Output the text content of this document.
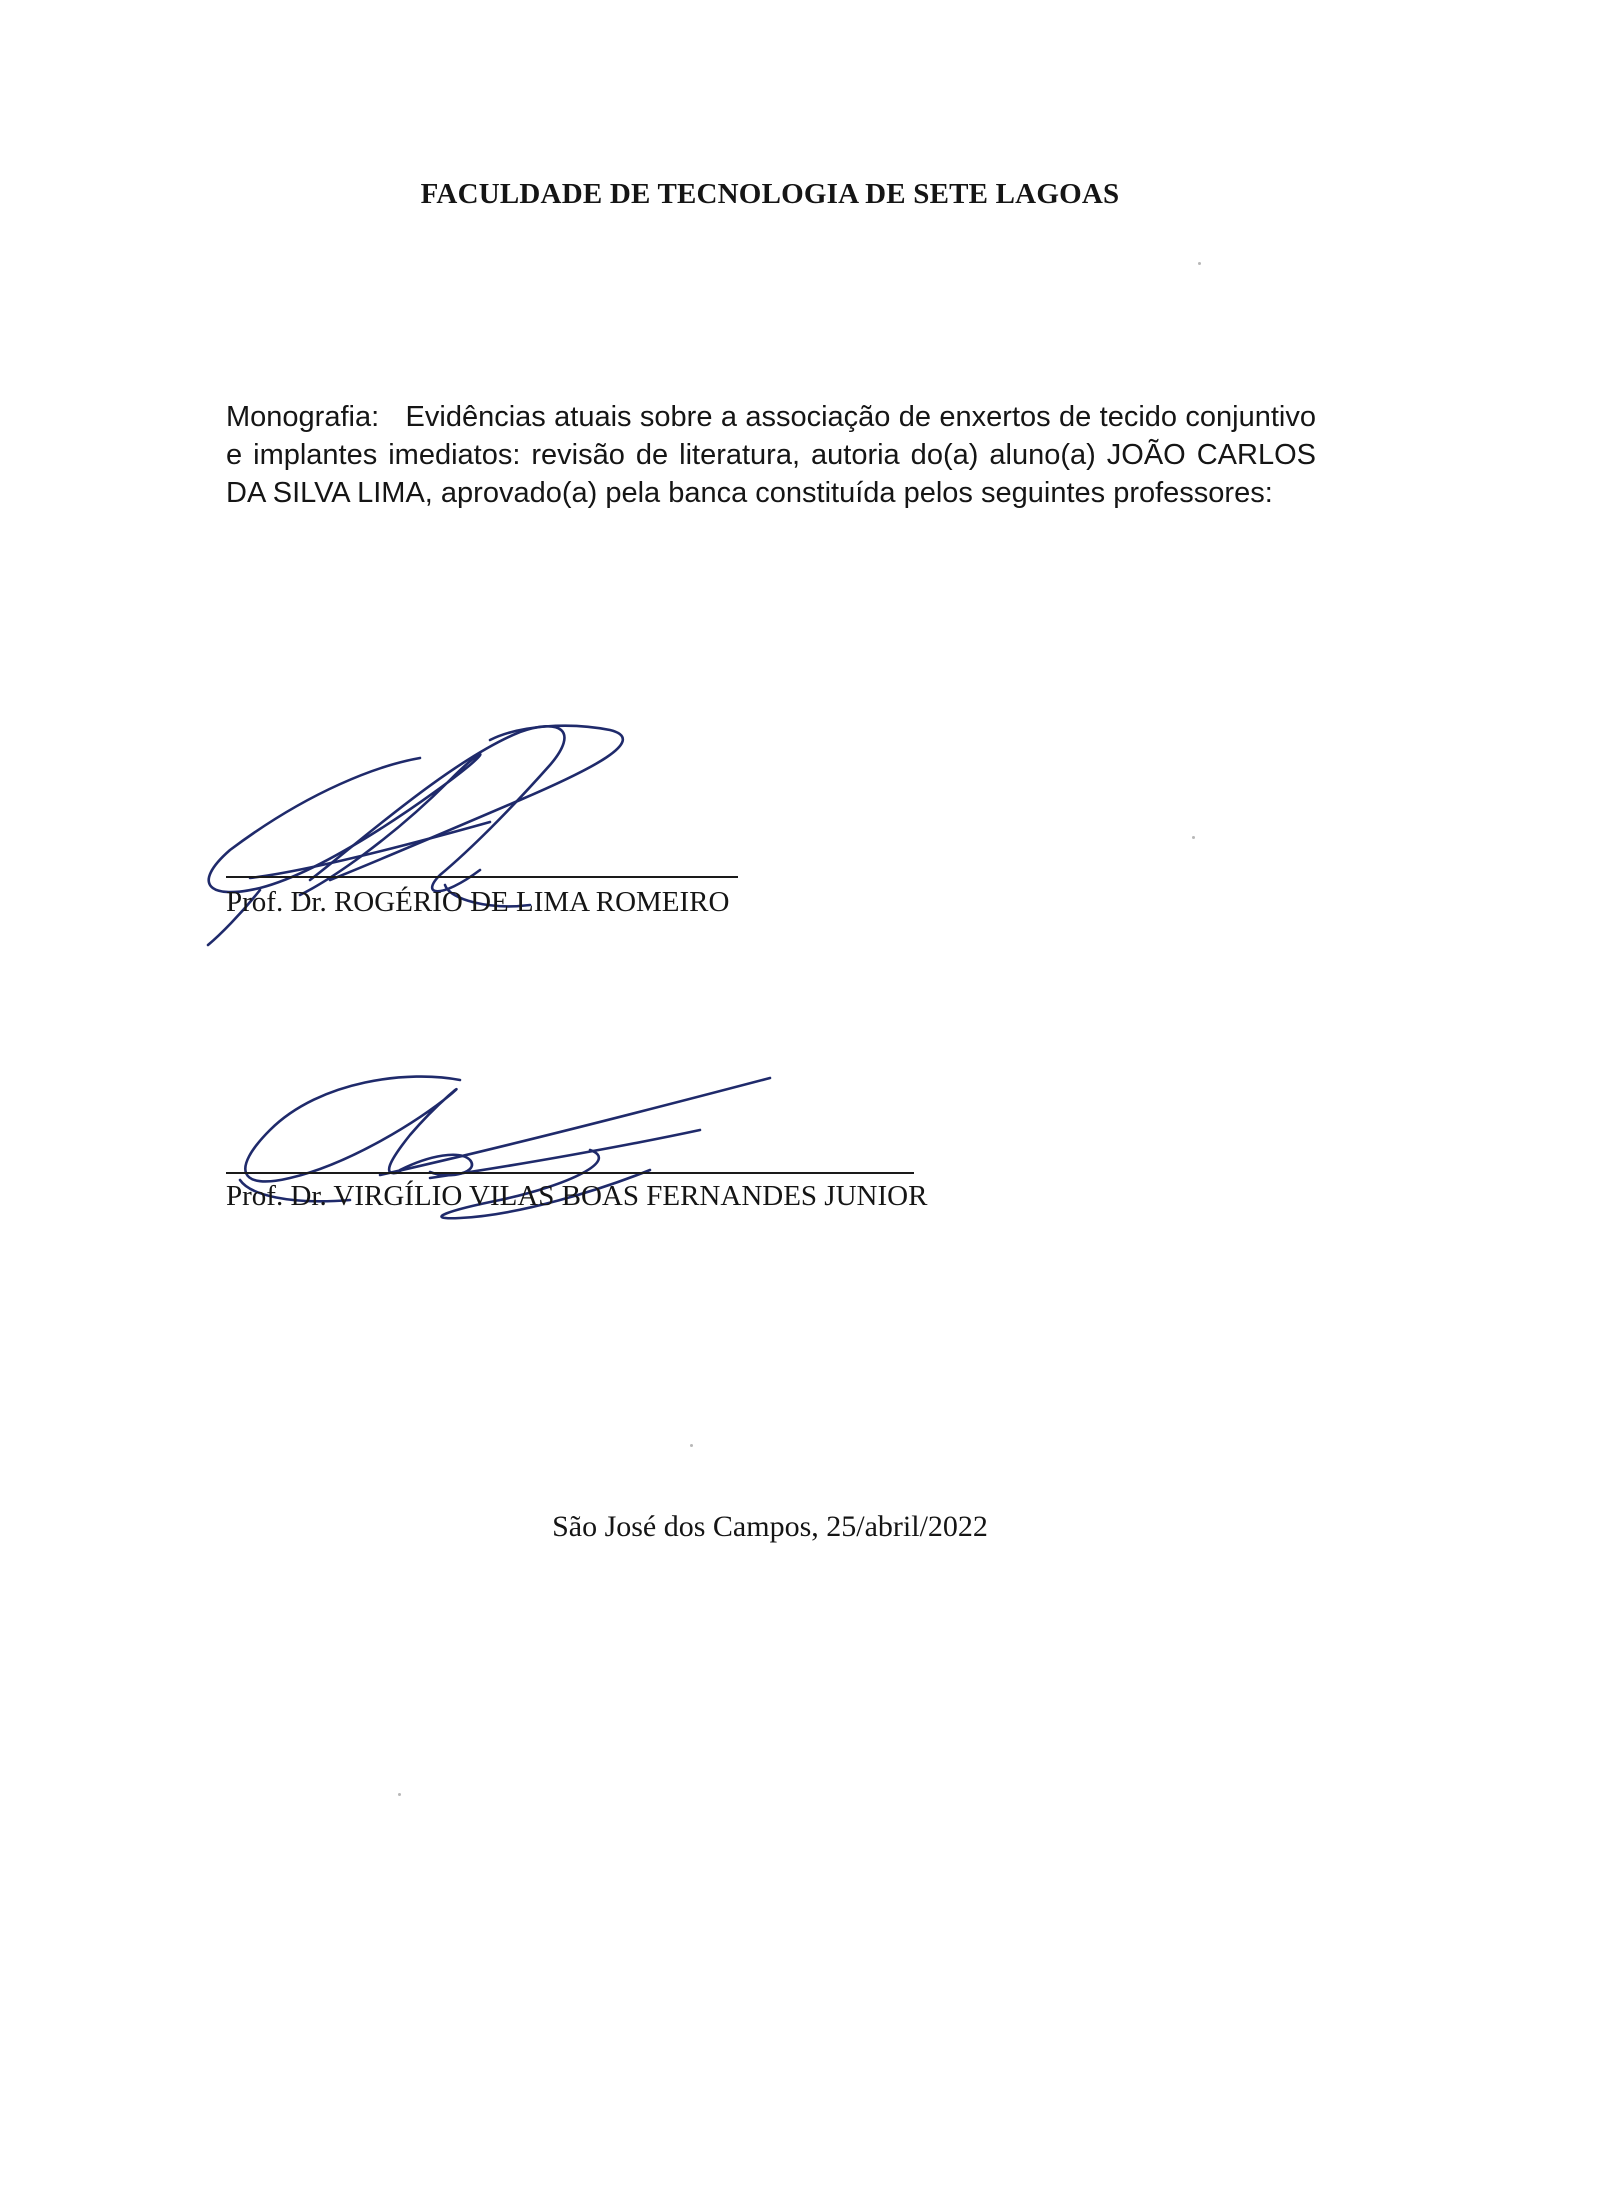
FACULDADE DE TECNOLOGIA DE SETE LAGOAS

Monografia: Evidências atuais sobre a associação de enxertos de tecido conjuntivo e implantes imediatos: revisão de literatura, autoria do(a) aluno(a) JOÃO CARLOS DA SILVA LIMA, aprovado(a) pela banca constituída pelos seguintes professores:

Prof. Dr. ROGÉRIO DE LIMA ROMEIRO
Prof. Dr. VIRGÍLIO VILAS BOAS FERNANDES JUNIOR
São José dos Campos, 25/abril/2022
